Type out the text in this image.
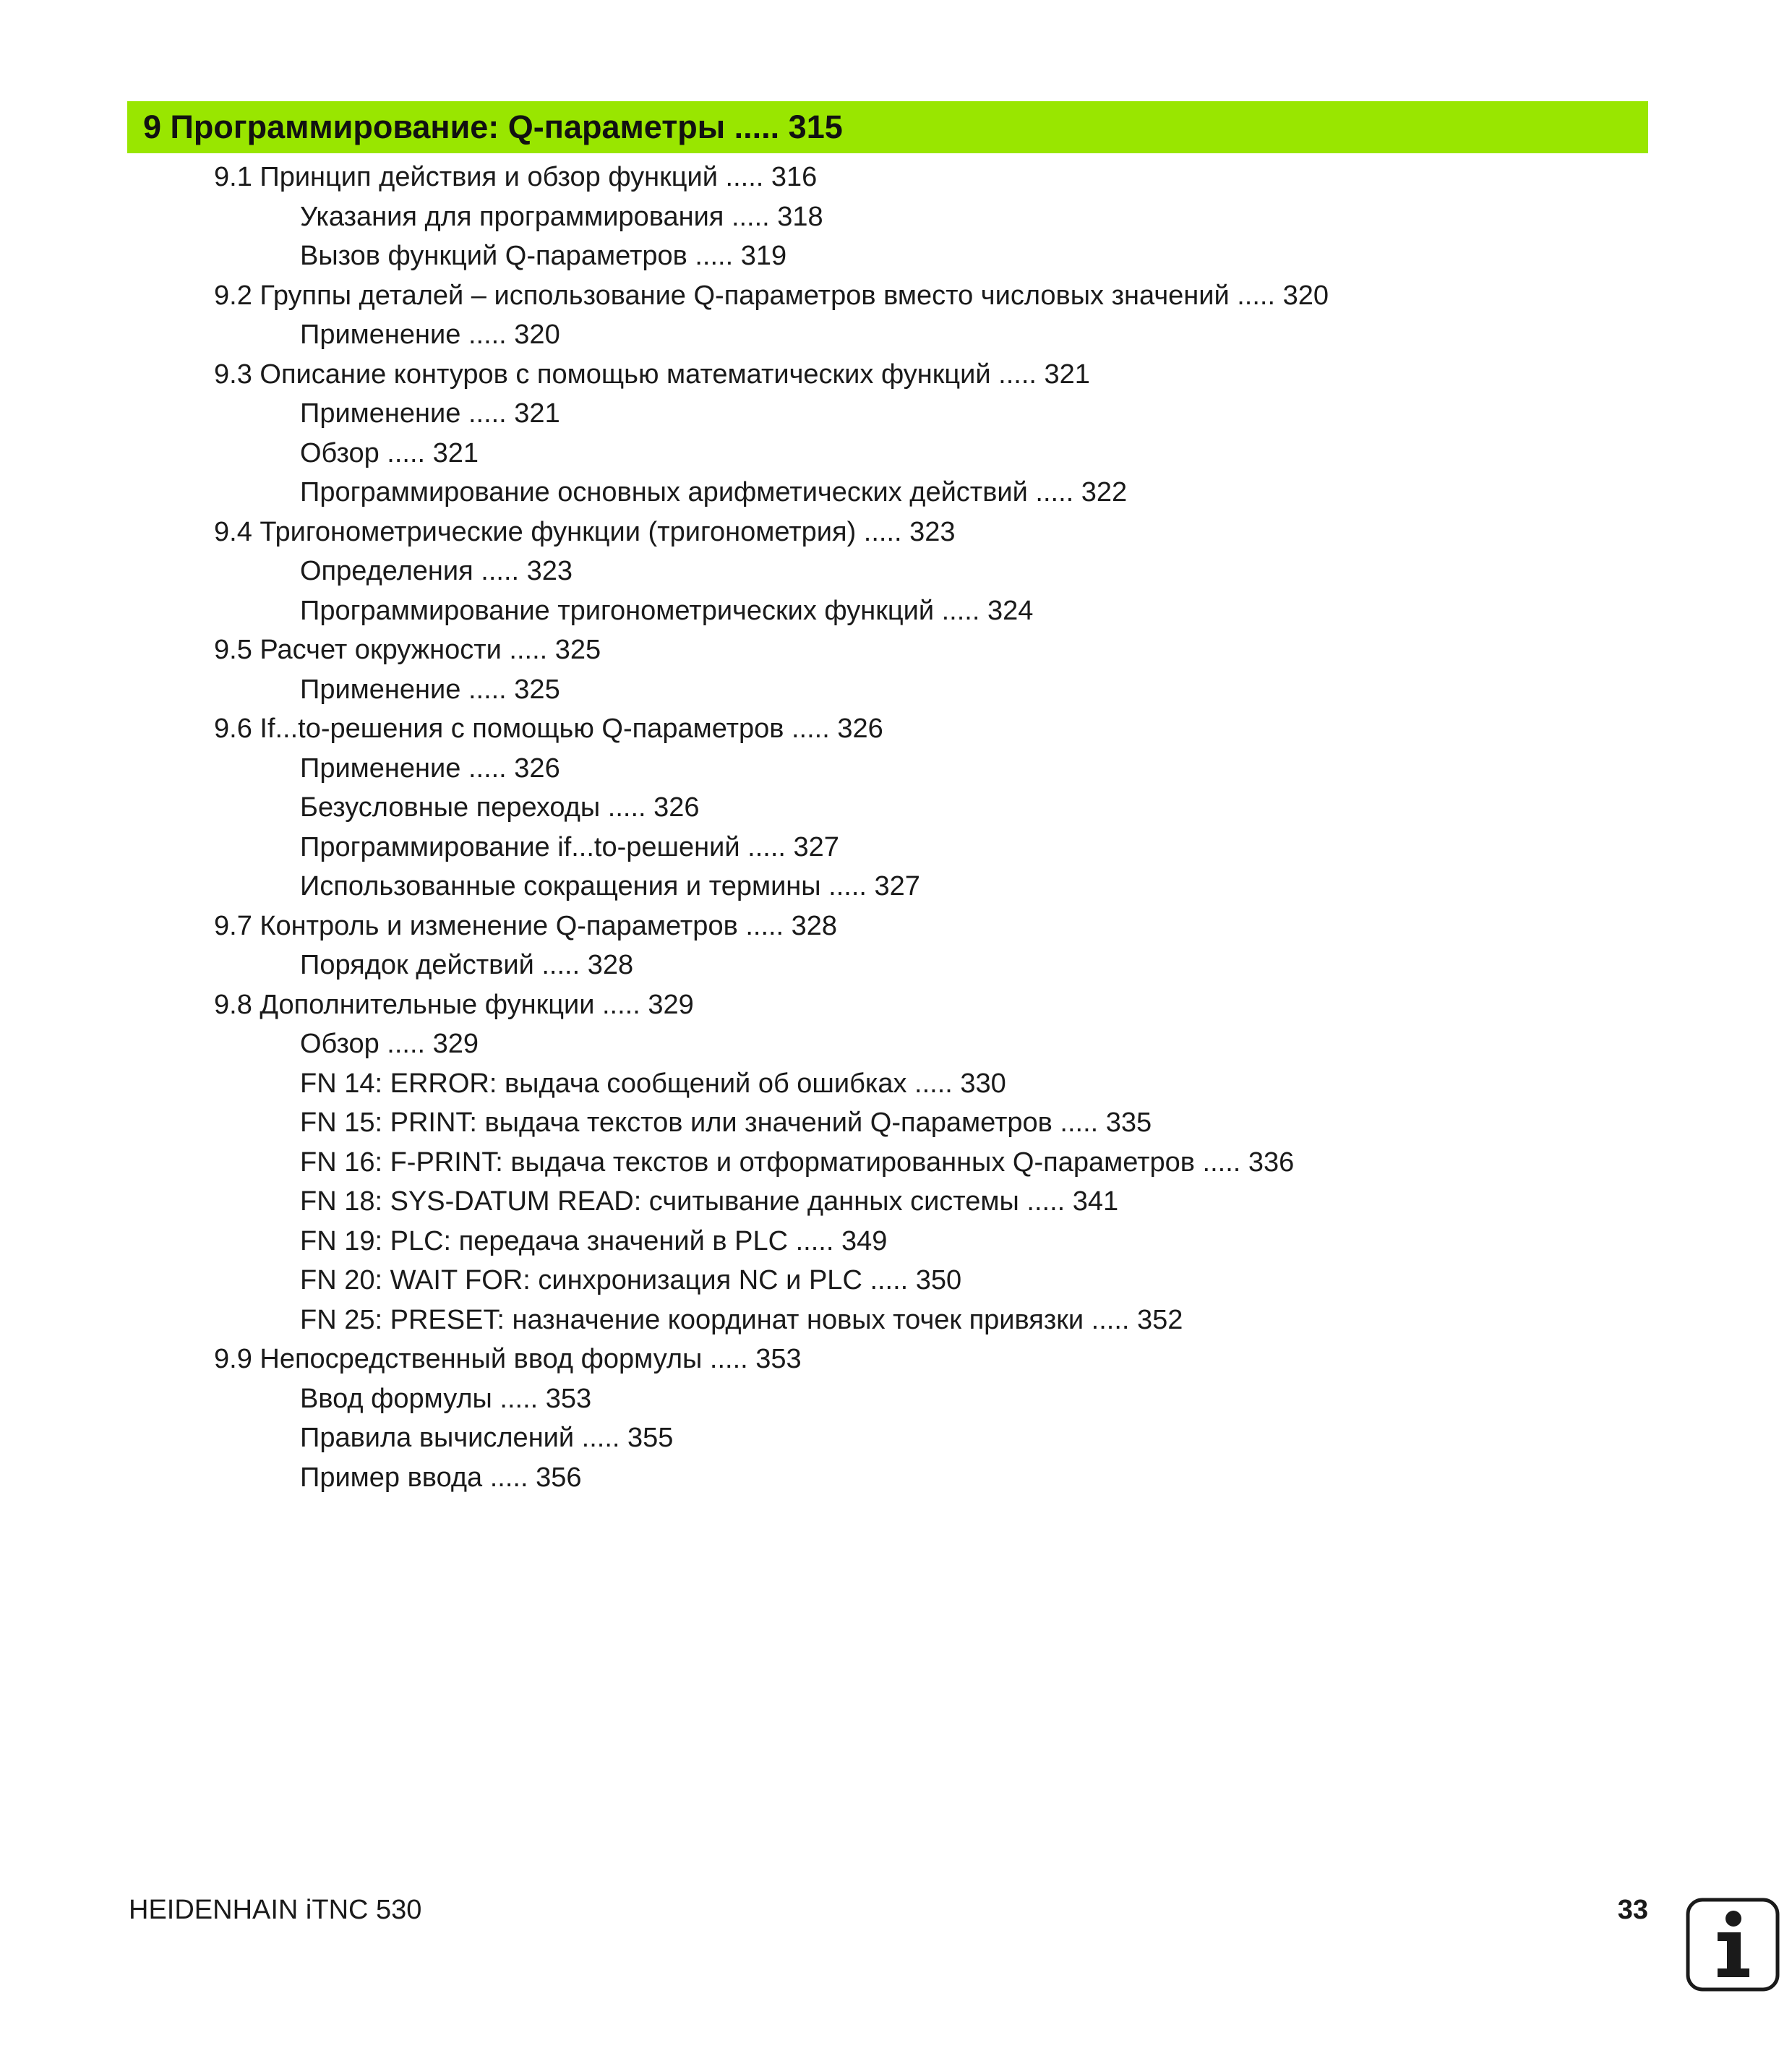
9 Программирование: Q-параметры ..... 315
9.1 Принцип действия и обзор функций ..... 316
Указания для программирования ..... 318
Вызов функций Q-параметров ..... 319
9.2 Группы деталей – использование Q-параметров вместо числовых значений ..... 320
Применение ..... 320
9.3 Описание контуров с помощью математических функций ..... 321
Применение ..... 321
Обзор ..... 321
Программирование основных арифметических действий ..... 322
9.4 Тригонометрические функции (тригонометрия) ..... 323
Определения ..... 323
Программирование тригонометрических функций ..... 324
9.5 Расчет окружности ..... 325
Применение ..... 325
9.6 If...to-решения с помощью Q-параметров ..... 326
Применение ..... 326
Безусловные переходы ..... 326
Программирование if...to-решений ..... 327
Использованные сокращения и термины ..... 327
9.7 Контроль и изменение Q-параметров ..... 328
Порядок действий ..... 328
9.8 Дополнительные функции ..... 329
Обзор ..... 329
FN 14: ERROR: выдача сообщений об ошибках ..... 330
FN 15: PRINT: выдача текстов или значений Q-параметров ..... 335
FN 16: F-PRINT: выдача текстов и отформатированных Q-параметров ..... 336
FN 18: SYS-DATUM READ: считывание данных системы ..... 341
FN 19: PLC: передача значений в PLC ..... 349
FN 20: WAIT FOR: синхронизация NC и PLC ..... 350
FN 25: PRESET: назначение координат новых точек привязки ..... 352
9.9 Непосредственный ввод формулы ..... 353
Ввод формулы ..... 353
Правила вычислений ..... 355
Пример ввода ..... 356
HEIDENHAIN iTNC 530	33
